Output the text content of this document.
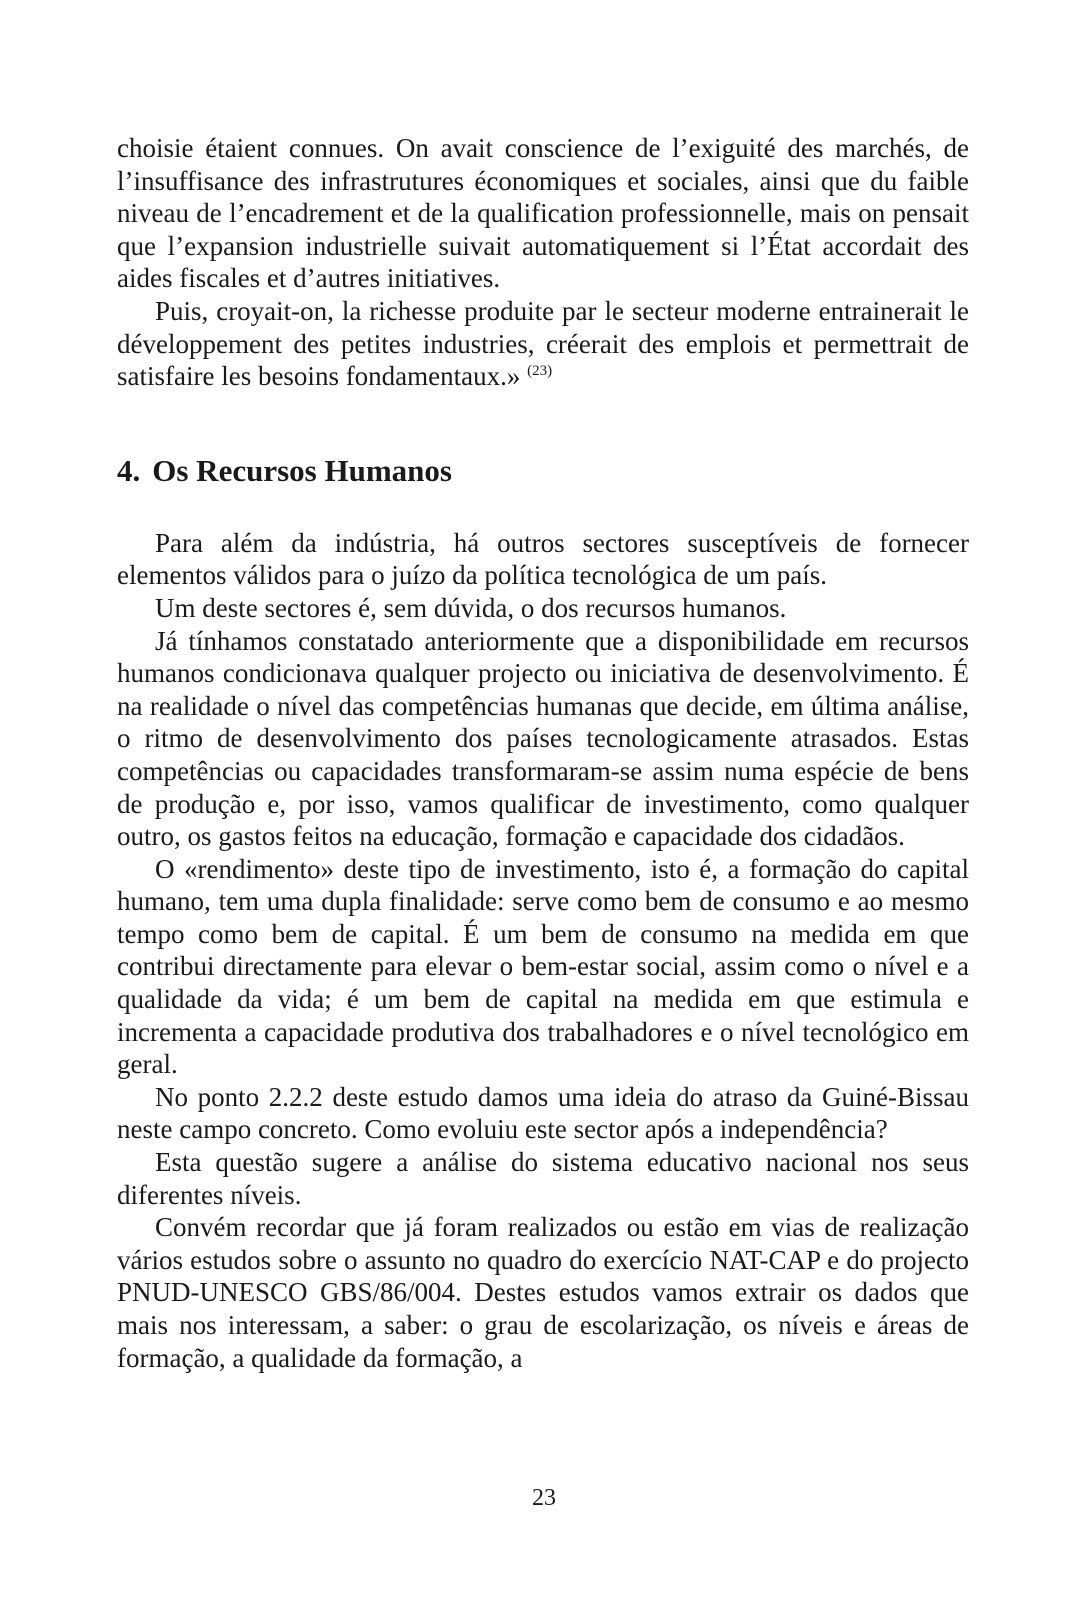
choisie étaient connues. On avait conscience de l’exiguité des marchés, de l’insuffisance des infrastrutures économiques et sociales, ainsi que du faible niveau de l’encadrement et de la qualification professionnelle, mais on pensait que l’expansion industrielle suivait automatiquement si l’État accordait des aides fiscales et d’autres initiatives.

Puis, croyait-on, la richesse produite par le secteur moderne entrainerait le développement des petites industries, créerait des emplois et permettrait de satisfaire les besoins fondamentaux.» $^{(23)}$

4. Os Recursos Humanos

Para além da indústria, há outros sectores susceptíveis de fornecer elementos válidos para o juízo da política tecnológica de um país.

Um deste sectores é, sem dúvida, o dos recursos humanos.

Já tínhamos constatado anteriormente que a disponibilidade em recursos humanos condicionava qualquer projecto ou iniciativa de desenvolvimento. É na realidade o nível das competências humanas que decide, em última análise, o ritmo de desenvolvimento dos países tecnologicamente atrasados. Estas competências ou capacidades transformaram-se assim numa espécie de bens de produção e, por isso, vamos qualificar de investimento, como qualquer outro, os gastos feitos na educação, formação e capacidade dos cidadãos.

O «rendimento» deste tipo de investimento, isto é, a formação do capital humano, tem uma dupla finalidade: serve como bem de consumo e ao mesmo tempo como bem de capital. É um bem de consumo na medida em que contribui directamente para elevar o bem-estar social, assim como o nível e a qualidade da vida; é um bem de capital na medida em que estimula e incrementa a capacidade produtiva dos trabalhadores e o nível tecnológico em geral.

No ponto 2.2.2 deste estudo damos uma ideia do atraso da Guiné-Bissau neste campo concreto. Como evoluiu este sector após a independência?

Esta questão sugere a análise do sistema educativo nacional nos seus diferentes níveis.

Convém recordar que já foram realizados ou estão em vias de realização vários estudos sobre o assunto no quadro do exercício NAT-CAP e do projecto PNUD-UNESCO GBS/86/004. Destes estudos vamos extrair os dados que mais nos interessam, a saber: o grau de escolarização, os níveis e áreas de formação, a qualidade da formação, a

23
